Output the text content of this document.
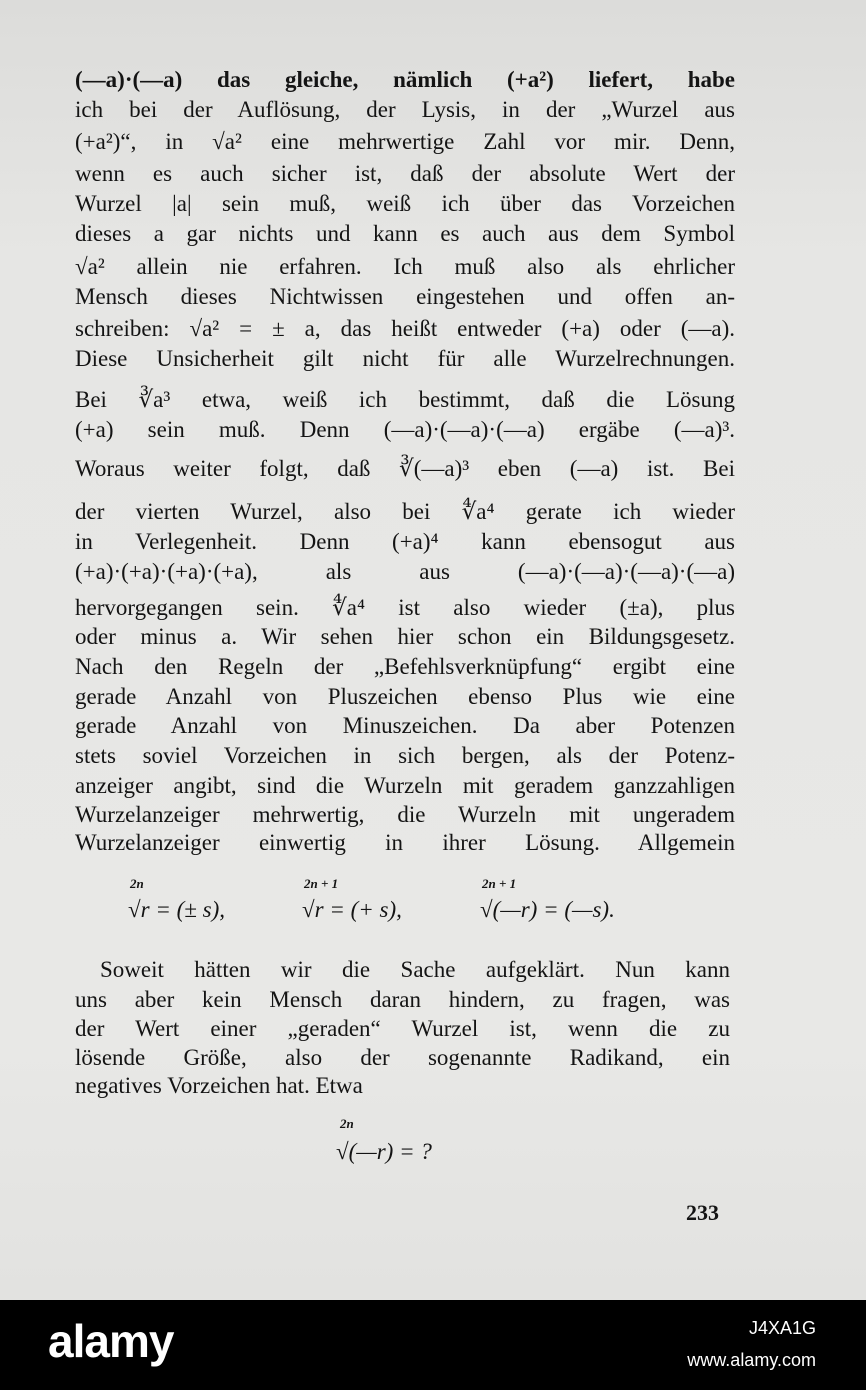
(—a)·(—a) das gleiche, nämlich (+a²) liefert, habe
ich bei der Auflösung, der Lysis, in der „Wurzel aus
(+a²)“, in √a² eine mehrwertige Zahl vor mir. Denn,
wenn es auch sicher ist, daß der absolute Wert der
Wurzel |a| sein muß, weiß ich über das Vorzeichen
dieses a gar nichts und kann es auch aus dem Symbol
√a² allein nie erfahren. Ich muß also als ehrlicher
Mensch dieses Nichtwissen eingestehen und offen an-
schreiben: √a² = ± a, das heißt entweder (+a) oder (—a).
Diese Unsicherheit gilt nicht für alle Wurzelrechnungen.
Bei ∛a³ etwa, weiß ich bestimmt, daß die Lösung
(+a) sein muß. Denn (—a)·(—a)·(—a) ergäbe (—a)³.
Woraus weiter folgt, daß ∛(—a)³ eben (—a) ist. Bei
der vierten Wurzel, also bei ∜a⁴ gerate ich wieder
in Verlegenheit. Denn (+a)⁴ kann ebensogut aus
(+a)·(+a)·(+a)·(+a), als aus (—a)·(—a)·(—a)·(—a)
hervorgegangen sein. ∜a⁴ ist also wieder (±a), plus
oder minus a. Wir sehen hier schon ein Bildungsgesetz.
Nach den Regeln der „Befehlsverknüpfung“ ergibt eine
gerade Anzahl von Pluszeichen ebenso Plus wie eine
gerade Anzahl von Minuszeichen. Da aber Potenzen
stets soviel Vorzeichen in sich bergen, als der Potenz-
anzeiger angibt, sind die Wurzeln mit geradem ganzzahligen
Wurzelanzeiger mehrwertig, die Wurzeln mit ungeradem
Wurzelanzeiger einwertig in ihrer Lösung. Allgemein
2n
√r = (± s),
2n + 1
√r = (+ s),
2n + 1
√(—r) = (—s).
Soweit hätten wir die Sache aufgeklärt. Nun kann
uns aber kein Mensch daran hindern, zu fragen, was
der Wert einer „geraden“ Wurzel ist, wenn die zu
lösende Größe, also der sogenannte Radikand, ein
negatives Vorzeichen hat. Etwa
2n
√(—r) = ?
233
alamy	J4XA1G
www.alamy.com
